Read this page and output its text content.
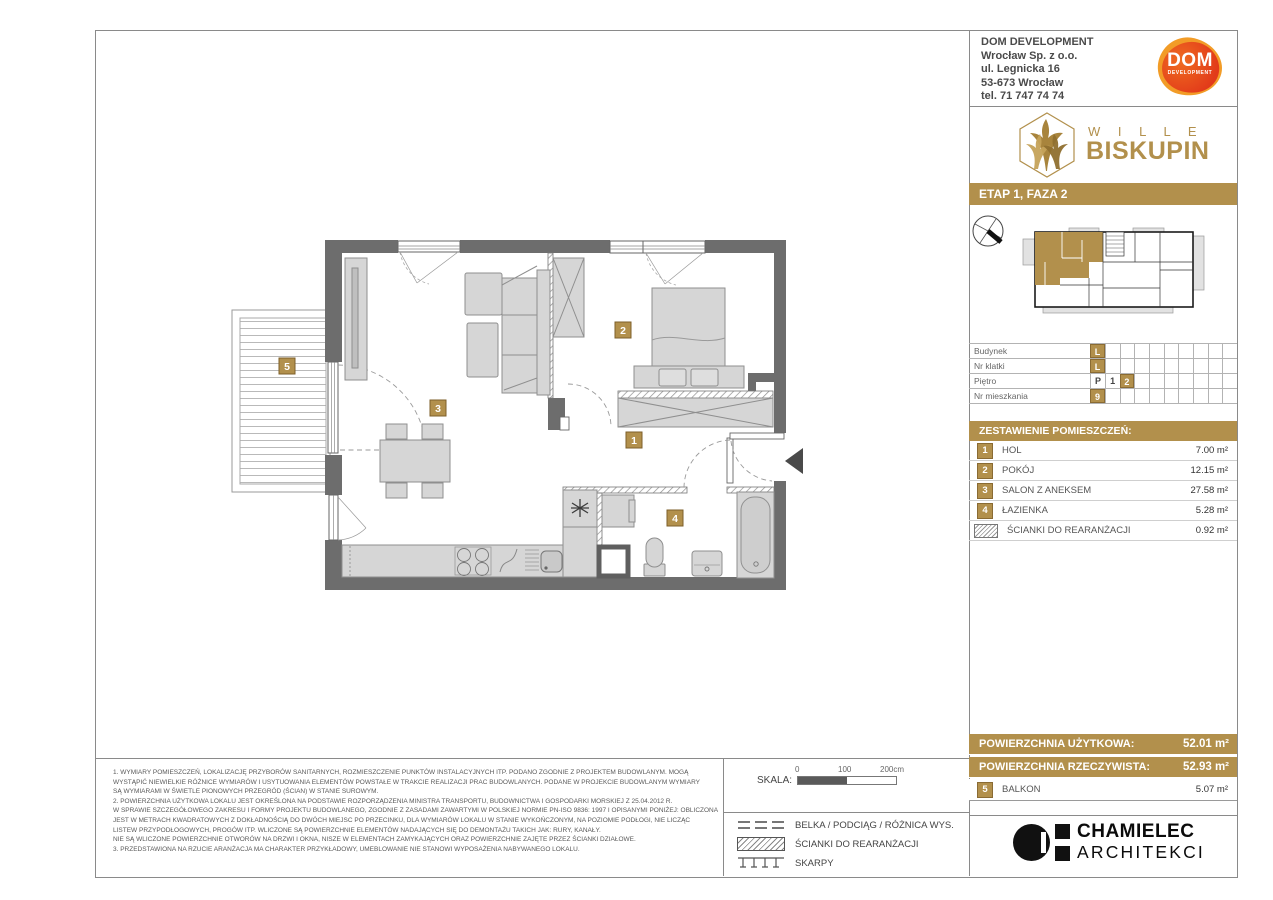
1
2
3
4
5
DOM DEVELOPMENT
Wrocław Sp. z o.o.
ul. Legnicka 16
53-673 Wrocław
tel. 71 747 74 74
DOM
DEVELOPMENT
W I L L E
BISKUPIN
ETAP 1, FAZA 2
Budynek	L
Nr klatki	L
Piętro	P	1	2
Nr mieszkania	9
ZESTAWIENIE POMIESZCZEŃ:
1	HOL	7.00 m²
2	POKÓJ	12.15 m²
3	SALON Z ANEKSEM	27.58 m²
4	ŁAZIENKA	5.28 m²
ŚCIANKI DO REARANŻACJI	0.92 m²
POWIERZCHNIA UŻYTKOWA:	52.01 m²
POWIERZCHNIA RZECZYWISTA:	52.93 m²
5	BALKON	5.07 m²
CHAMIELEC
ARCHITEKCI
1. WYMIARY POMIESZCZEŃ, LOKALIZACJĘ PRZYBORÓW SANITARNYCH, ROZMIESZCZENIE PUNKTÓW INSTALACYJNYCH ITP. PODANO ZGODNIE Z PROJEKTEM BUDOWLANYM. MOGĄ
WYSTĄPIĆ NIEWIELKIE RÓŻNICE WYMIARÓW I USYTUOWANIA ELEMENTÓW POWSTAŁE W TRAKCIE REALIZACJI PRAC BUDOWLANYCH. PODANE W PROJEKCIE BUDOWLANYM WYMIARY
SĄ WYMIARAMI W ŚWIETLE PIONOWYCH PRZEGRÓD (ŚCIAN) W STANIE SUROWYM.
2. POWIERZCHNIA UŻYTKOWA LOKALU JEST OKREŚLONA NA PODSTAWIE ROZPORZĄDZENIA MINISTRA TRANSPORTU, BUDOWNICTWA I GOSPODARKI MORSKIEJ Z 25.04.2012 R.
W SPRAWIE SZCZEGÓŁOWEGO ZAKRESU I FORMY PROJEKTU BUDOWLANEGO, ZGODNIE Z ZASADAMI ZAWARTYMI W POLSKIEJ NORMIE PN-ISO 9836: 1997 I OPISANYMI PONIŻEJ: OBLICZONA
JEST W METRACH KWADRATOWYCH Z DOKŁADNOŚCIĄ DO DWÓCH MIEJSC PO PRZECINKU, DLA WYMIARÓW LOKALU W STANIE WYKOŃCZONYM, NA POZIOMIE PODŁOGI, NIE LICZĄC
LISTEW PRZYPODŁOGOWYCH, PROGÓW ITP. WLICZONE SĄ POWIERZCHNIE ELEMENTÓW NADAJĄCYCH SIĘ DO DEMONTAŻU TAKICH JAK: RURY, KANAŁY.
NIE SĄ WLICZONE POWIERZCHNIE OTWORÓW NA DRZWI I OKNA, NISZE W ELEMENTACH ZAMYKAJĄCYCH ORAZ POWIERZCHNIE ZAJĘTE PRZEZ ŚCIANKI DZIAŁOWE.
3. PRZEDSTAWIONA NA RZUCIE ARANŻACJA MA CHARAKTER PRZYKŁADOWY, UMEBLOWANIE NIE STANOWI WYPOSAŻENIA NABYWANEGO LOKALU.
SKALA:
0	100	200cm
BELKA / PODCIĄG / RÓŻNICA WYS.
ŚCIANKI DO REARANŻACJI
SKARPY
